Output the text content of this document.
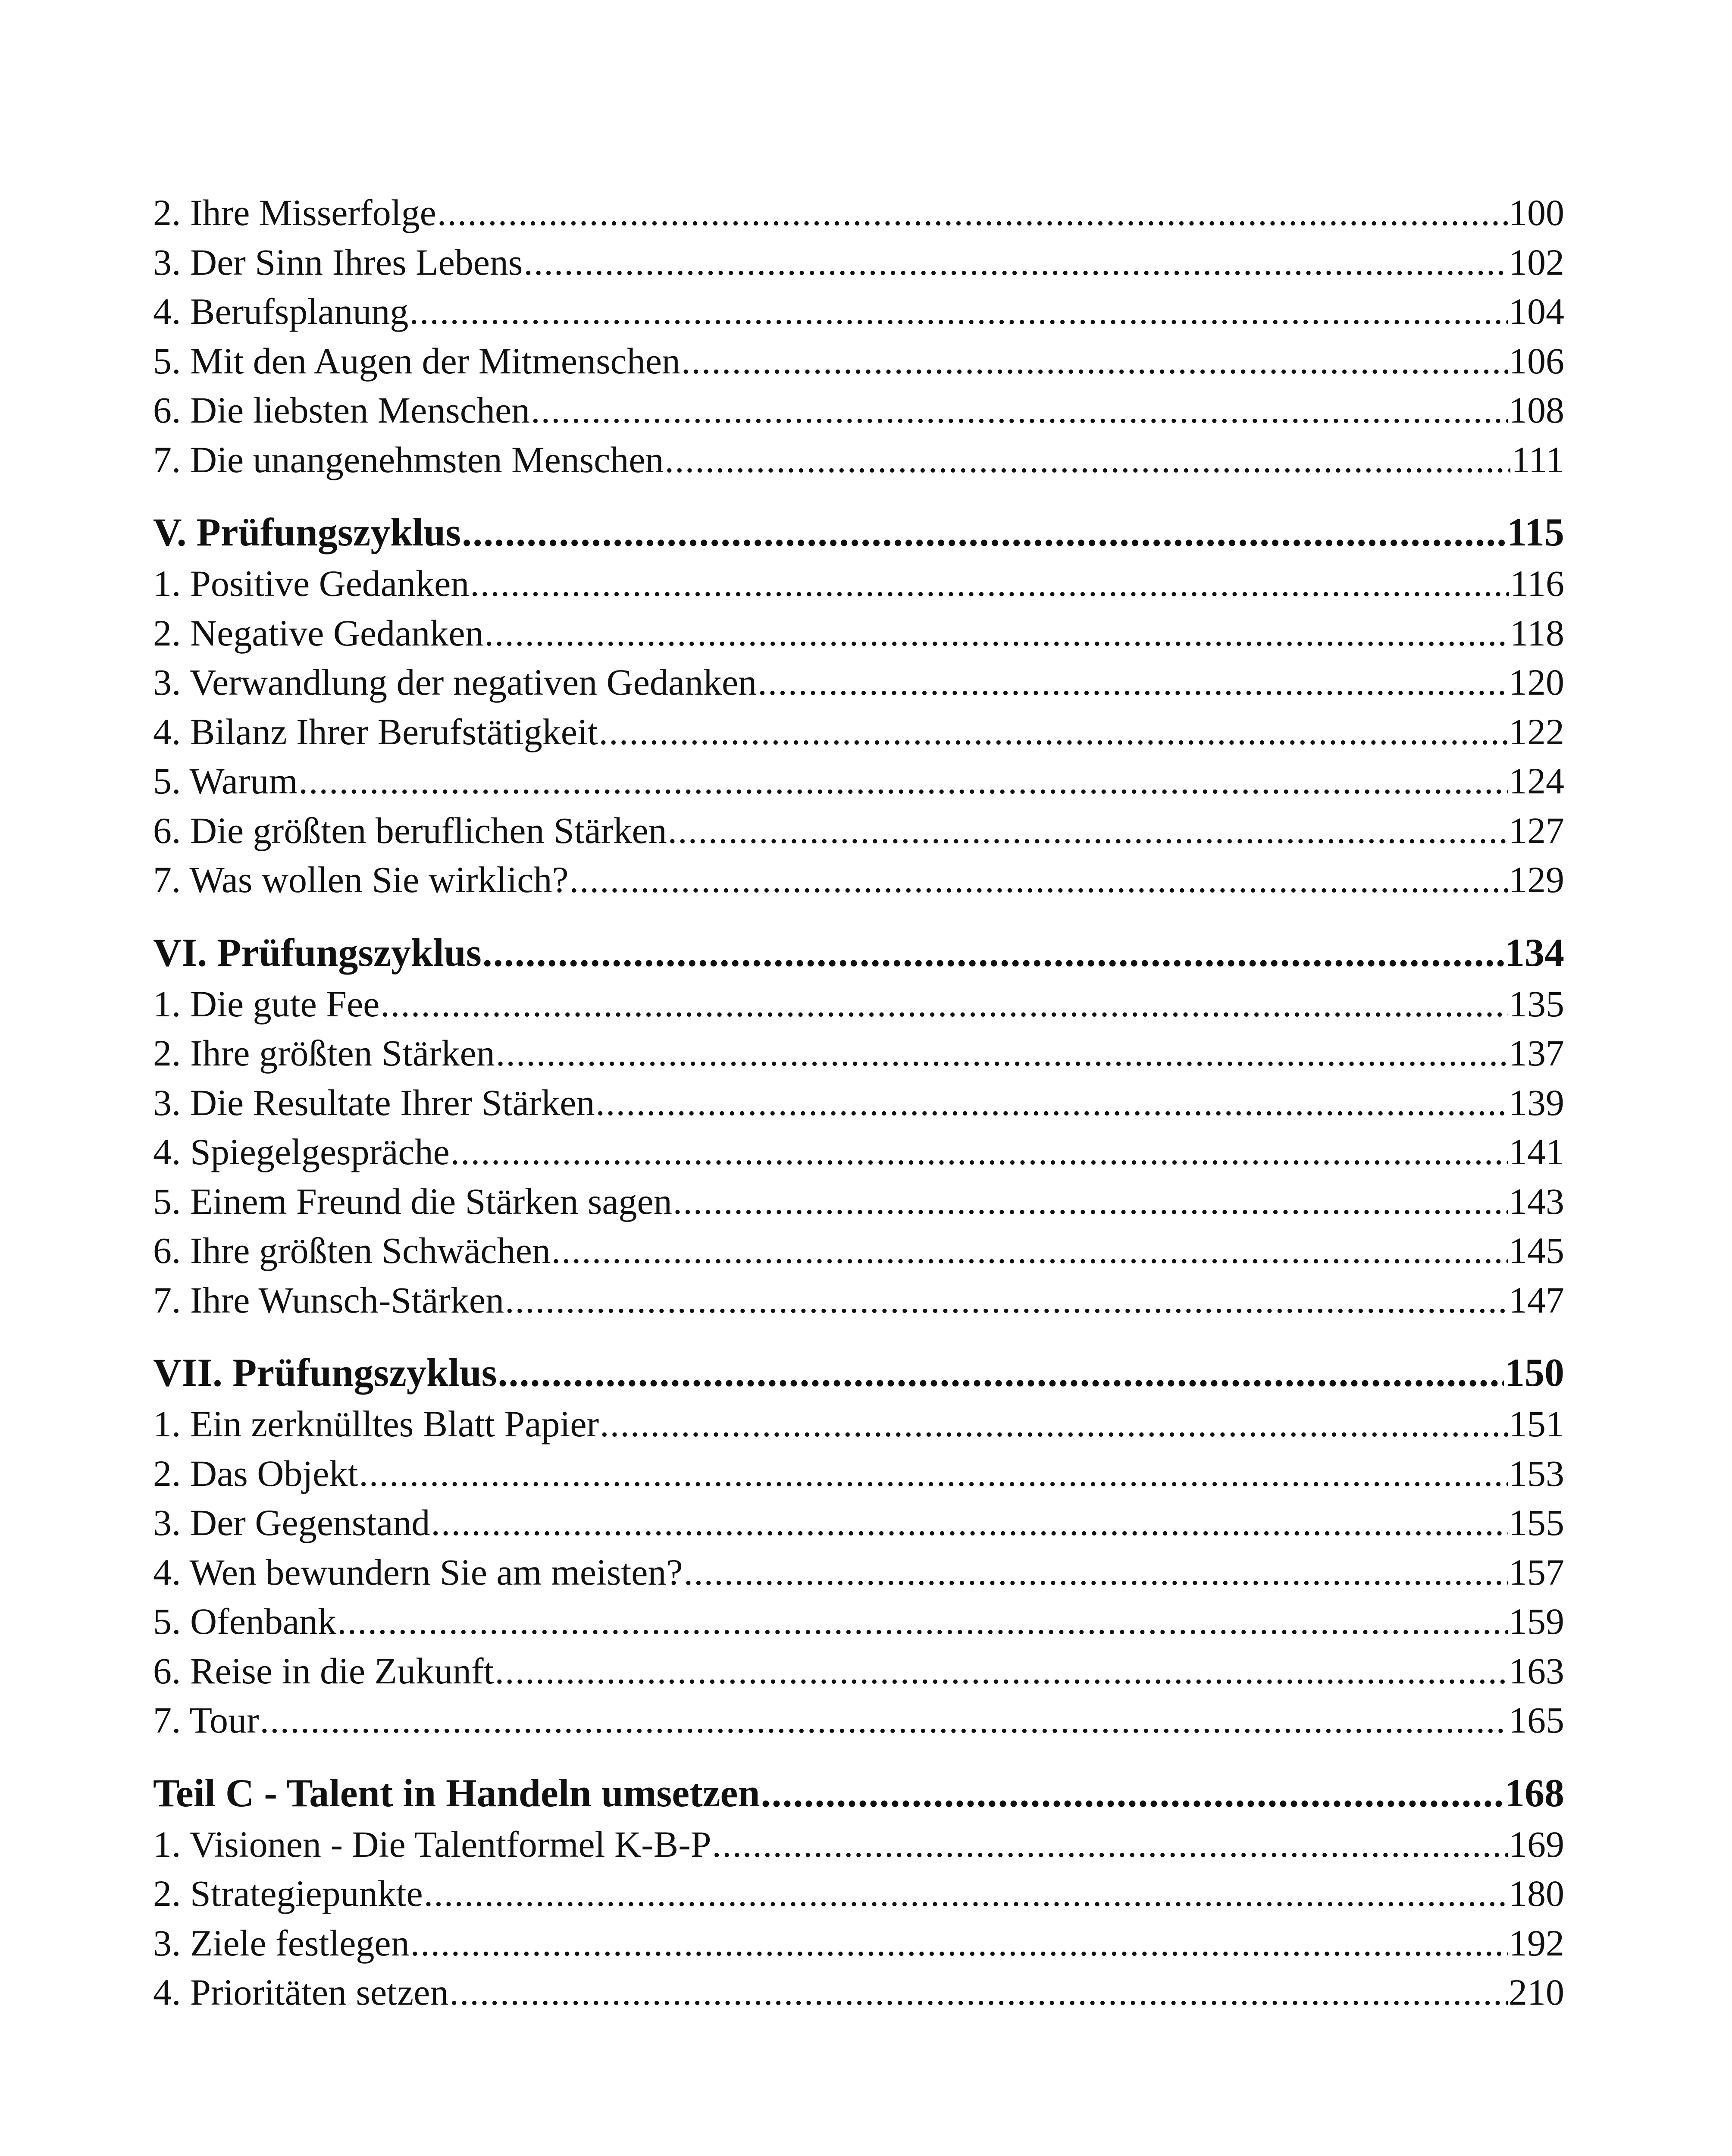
2. Ihre Misserfolge .....	100
3. Der Sinn Ihres Lebens .....	102
4. Berufsplanung .....	104
5. Mit den Augen der Mitmenschen .....	106
6. Die liebsten Menschen .....	108
7. Die unangenehmsten Menschen .....	111
V. Prüfungszyklus .....	115
1. Positive Gedanken .....	116
2. Negative Gedanken .....	118
3. Verwandlung der negativen Gedanken .....	120
4. Bilanz Ihrer Berufstätigkeit .....	122
5. Warum .....	124
6. Die größten beruflichen Stärken .....	127
7. Was wollen Sie wirklich? .....	129
VI. Prüfungszyklus .....	134
1. Die gute Fee .....	135
2. Ihre größten Stärken .....	137
3. Die Resultate Ihrer Stärken .....	139
4. Spiegelgespräche .....	141
5. Einem Freund die Stärken sagen .....	143
6. Ihre größten Schwächen .....	145
7. Ihre Wunsch-Stärken .....	147
VII. Prüfungszyklus .....	150
1. Ein zerknülltes Blatt Papier .....	151
2. Das Objekt .....	153
3. Der Gegenstand .....	155
4. Wen bewundern Sie am meisten? .....	157
5. Ofenbank .....	159
6. Reise in die Zukunft .....	163
7. Tour .....	165
Teil C - Talent in Handeln umsetzen .....	168
1. Visionen - Die Talentformel K-B-P .....	169
2. Strategiepunkte .....	180
3. Ziele festlegen .....	192
4. Prioritäten setzen .....	210
